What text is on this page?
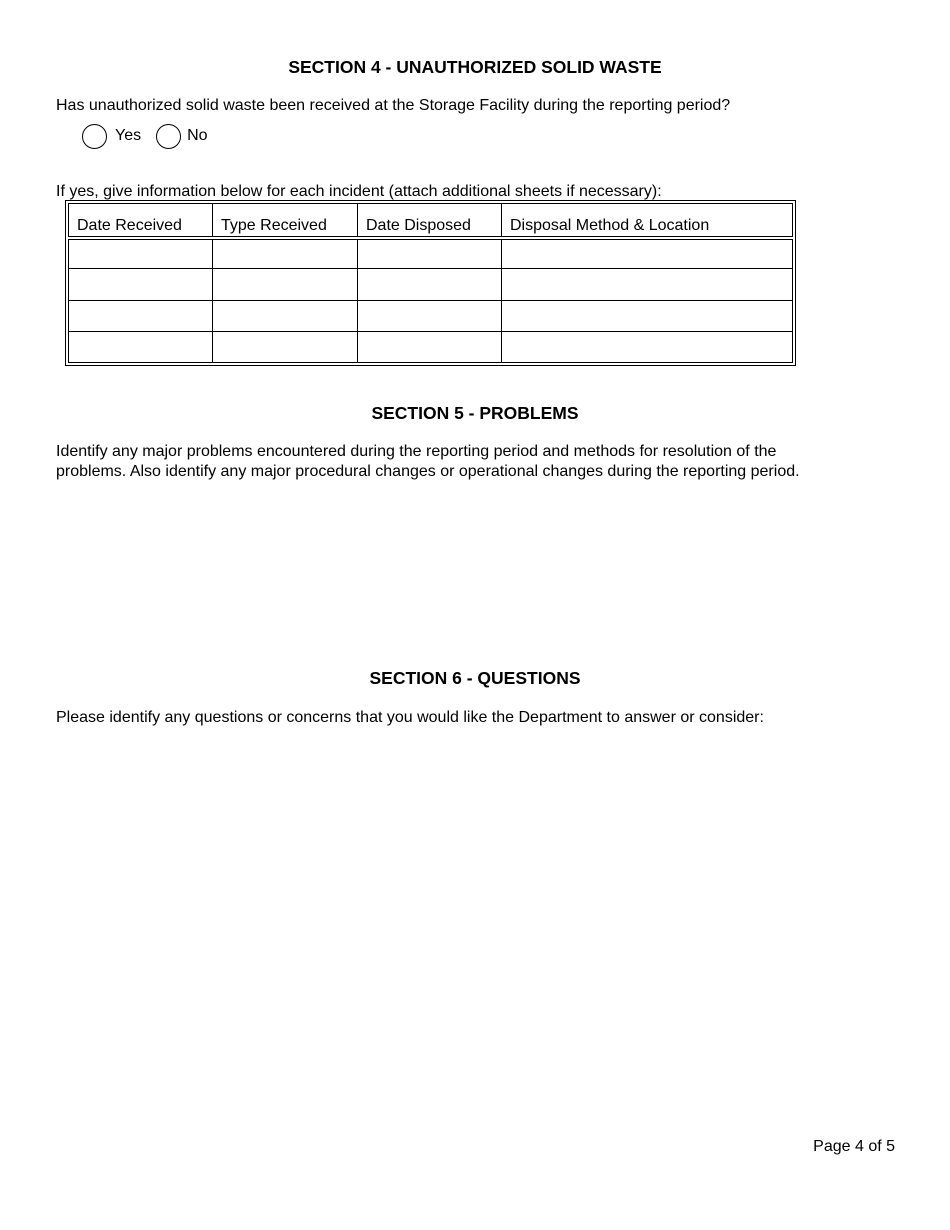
SECTION 4 - UNAUTHORIZED SOLID WASTE
Has unauthorized solid waste been received at the Storage Facility during the reporting period?
Yes	No
If yes, give information below for each incident (attach additional sheets if necessary):
Date Received	Type Received	Date Disposed	Disposal Method & Location

SECTION 5 - PROBLEMS
Identify any major problems encountered during the reporting period and methods for resolution of the
problems. Also identify any major procedural changes or operational changes during the reporting period.
SECTION 6 - QUESTIONS
Please identify any questions or concerns that you would like the Department to answer or consider:
Page 4 of 5
